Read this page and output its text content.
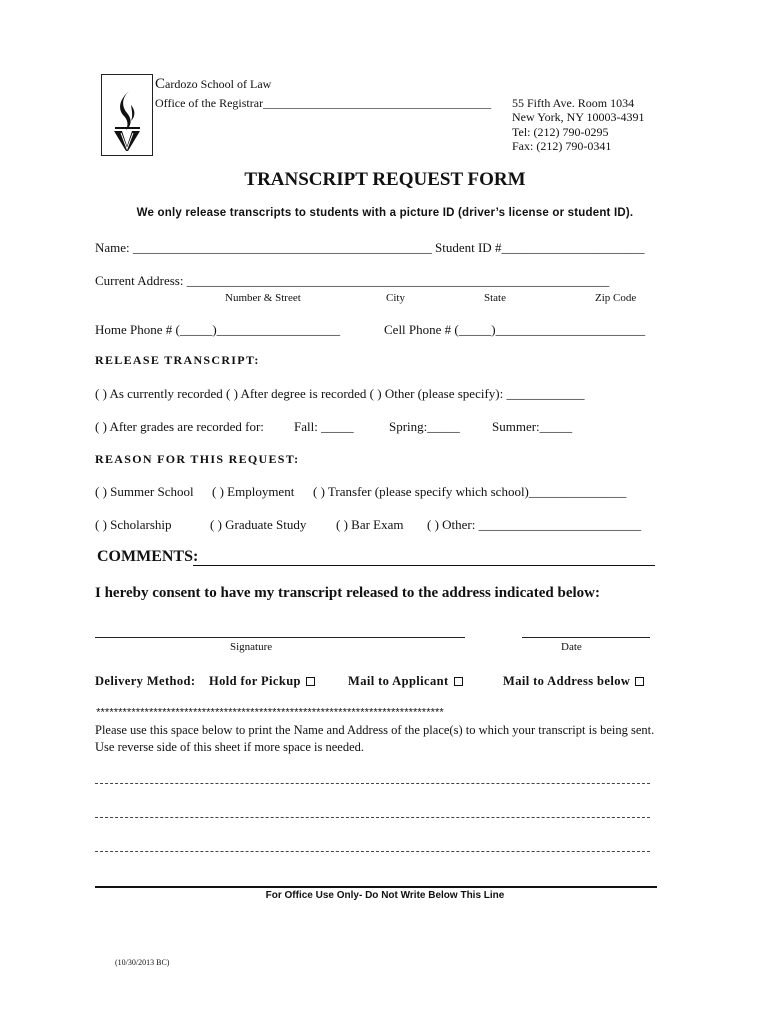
Cardozo School of Law
Office of the Registrar______________________________________ 55 Fifth Ave. Room 1034
New York, NY 10003-4391
Tel: (212) 790-0295
Fax: (212) 790-0341
TRANSCRIPT REQUEST FORM
We only release transcripts to students with a picture ID (driver’s license or student ID).
Name: ______________________________________________ Student ID #______________________
Current Address: _________________________________________________________________
Number & Street	City	State	Zip Code
Home Phone # (_____)___________________	Cell Phone # (_____)_______________________
RELEASE TRANSCRIPT:
( ) As currently recorded ( ) After degree is recorded ( ) Other (please specify): ____________
( ) After grades are recorded for: Fall: _____	Spring:_____ Summer:_____
REASON FOR THIS REQUEST:
( ) Summer School ( ) Employment ( ) Transfer (please specify which school)_______________
( ) Scholarship	( ) Graduate Study ( ) Bar Exam ( ) Other: _________________________
COMMENTS:
I hereby consent to have my transcript released to the address indicated below:
Signature	Date
Delivery Method: Hold for Pickup	Mail to Applicant	Mail to Address below
*******************************************************************************
Please use this space below to print the Name and Address of the place(s) to which your transcript is being sent. Use reverse side of this sheet if more space is needed.
For Office Use Only- Do Not Write Below This Line
(10/30/2013 BC)
